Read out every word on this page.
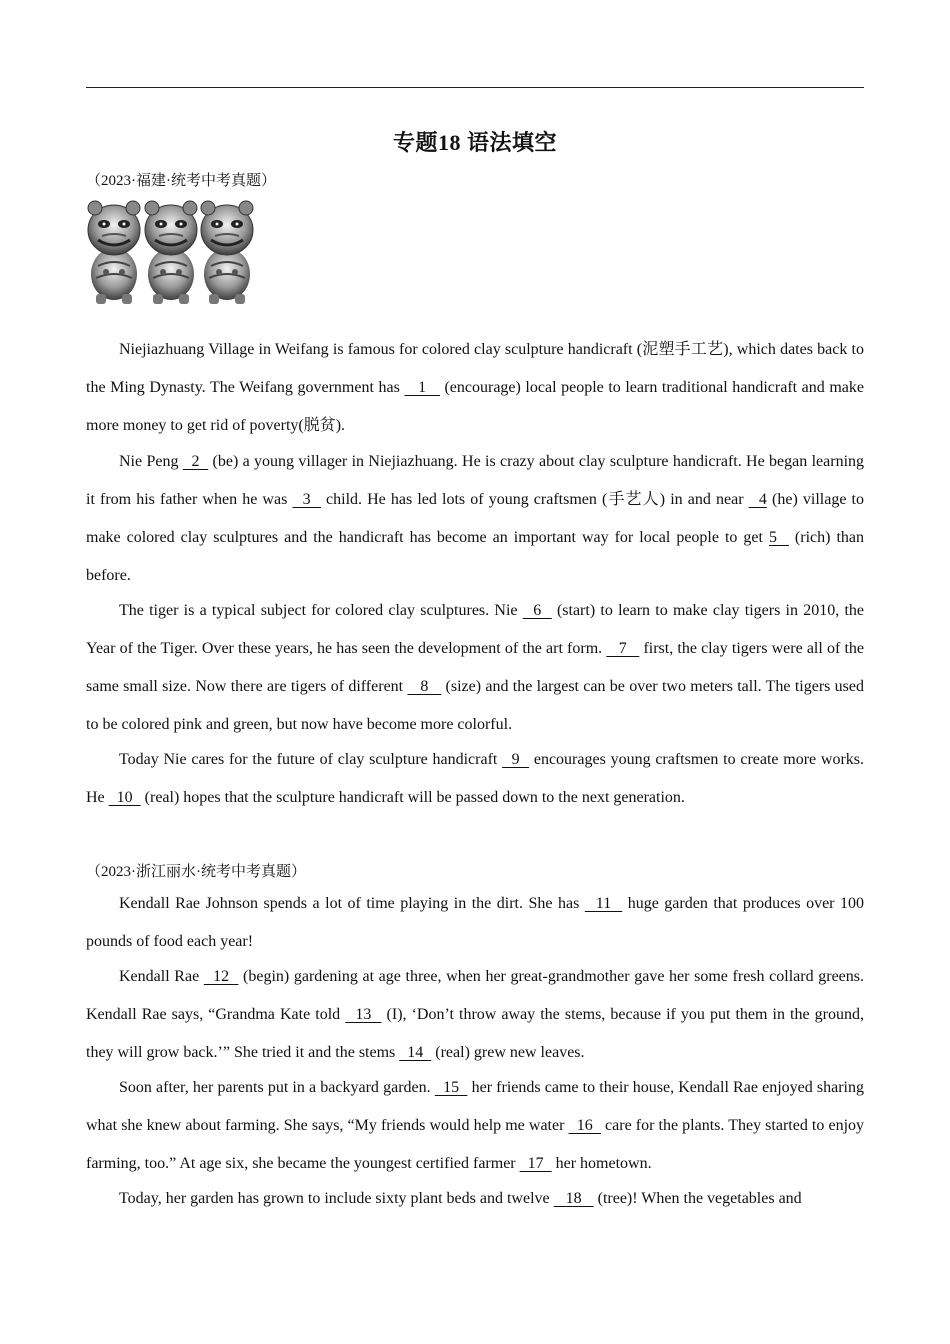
专题18 语法填空
（2023·福建·统考中考真题）

Niejiazhuang Village in Weifang is famous for colored clay sculpture handicraft (泥塑手工艺), which dates back to the Ming Dynasty. The Weifang government has    1    (encourage) local people to learn traditional handicraft and make more money to get rid of poverty(脱贫).

Nie Peng   2   (be) a young villager in Niejiazhuang. He is crazy about clay sculpture handicraft. He began learning it from his father when he was   3   child. He has led lots of young craftsmen (手艺人) in and near   4 (he) village to make colored clay sculptures and the handicraft has become an important way for local people to get 5   (rich) than before.

The tiger is a typical subject for colored clay sculptures. Nie   6   (start) to learn to make clay tigers in 2010, the Year of the Tiger. Over these years, he has seen the development of the art form.    7    first, the clay tigers were all of the same small size. Now there are tigers of different    8    (size) and the largest can be over two meters tall. The tigers used to be colored pink and green, but now have become more colorful.

Today Nie cares for the future of clay sculpture handicraft   9   encourages young craftsmen to create more works. He   10   (real) hopes that the sculpture handicraft will be passed down to the next generation.

（2023·浙江丽水·统考中考真题）

Kendall Rae Johnson spends a lot of time playing in the dirt. She has   11   huge garden that produces over 100 pounds of food each year!

Kendall Rae   12   (begin) gardening at age three, when her great-grandmother gave her some fresh collard greens. Kendall Rae says, “Grandma Kate told   13   (I), ‘Don’t throw away the stems, because if you put them in the ground, they will grow back.’” She tried it and the stems   14   (real) grew new leaves.

Soon after, her parents put in a backyard garden.   15   her friends came to their house, Kendall Rae enjoyed sharing what she knew about farming. She says, “My friends would help me water   16   care for the plants. They started to enjoy farming, too.” At age six, she became the youngest certified farmer   17   her hometown.

Today, her garden has grown to include sixty plant beds and twelve    18    (tree)! When the vegetables and
